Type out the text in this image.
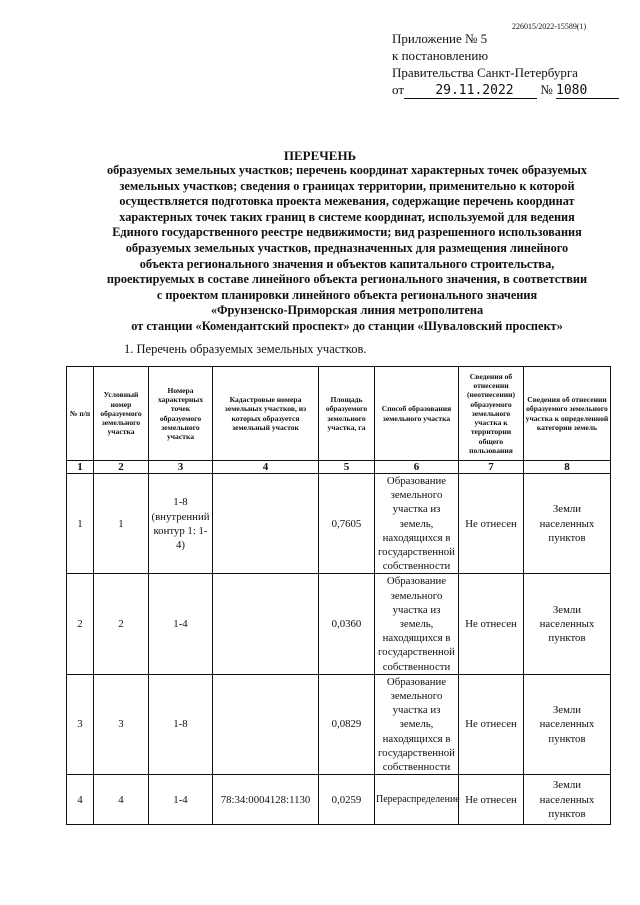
226015/2022-15589(1)
Приложение № 5
к постановлению
Правительства Санкт-Петербурга
от 29.11.2022 № 1080
ПЕРЕЧЕНЬ
образуемых земельных участков; перечень координат характерных точек образуемых
земельных участков; сведения о границах территории, применительно к которой
осуществляется подготовка проекта межевания, содержащие перечень координат
характерных точек таких границ в системе координат, используемой для ведения
Единого государственного реестре недвижимости; вид разрешенного использования
образуемых земельных участков, предназначенных для размещения линейного
объекта регионального значения и объектов капитального строительства,
проектируемых в составе линейного объекта регионального значения, в соответствии
с проектом планировки линейного объекта регионального значения
«Фрунзенско-Приморская линия метрополитена
от станции «Комендантский проспект» до станции «Шуваловский проспект»
1. Перечень образуемых земельных участков.
№ п/п	Условный номер образуемого земельного участка	Номера характерных точек образуемого земельного участка	Кадастровые номера земельных участков, из которых образуется земельный участок	Площадь образуемого земельного участка, га	Способ образования земельного участка	Сведения об отнесении (неотнесении) образуемого земельного участка к территории общего пользования	Сведения об отнесении образуемого земельного участка к определенной категории земель
1	2	3	4	5	6	7	8
1	1	1-8 (внутренний контур 1: 1-4)		0,7605	Образование земельного участка из земель, находящихся в государственной собственности	Не отнесен	Земли населенных пунктов
2	2	1-4		0,0360	Образование земельного участка из земель, находящихся в государственной собственности	Не отнесен	Земли населенных пунктов
3	3	1-8		0,0829	Образование земельного участка из земель, находящихся в государственной собственности	Не отнесен	Земли населенных пунктов
4	4	1-4	78:34:0004128:1130	0,0259	Перераспределение	Не отнесен	Земли населенных пунктов
